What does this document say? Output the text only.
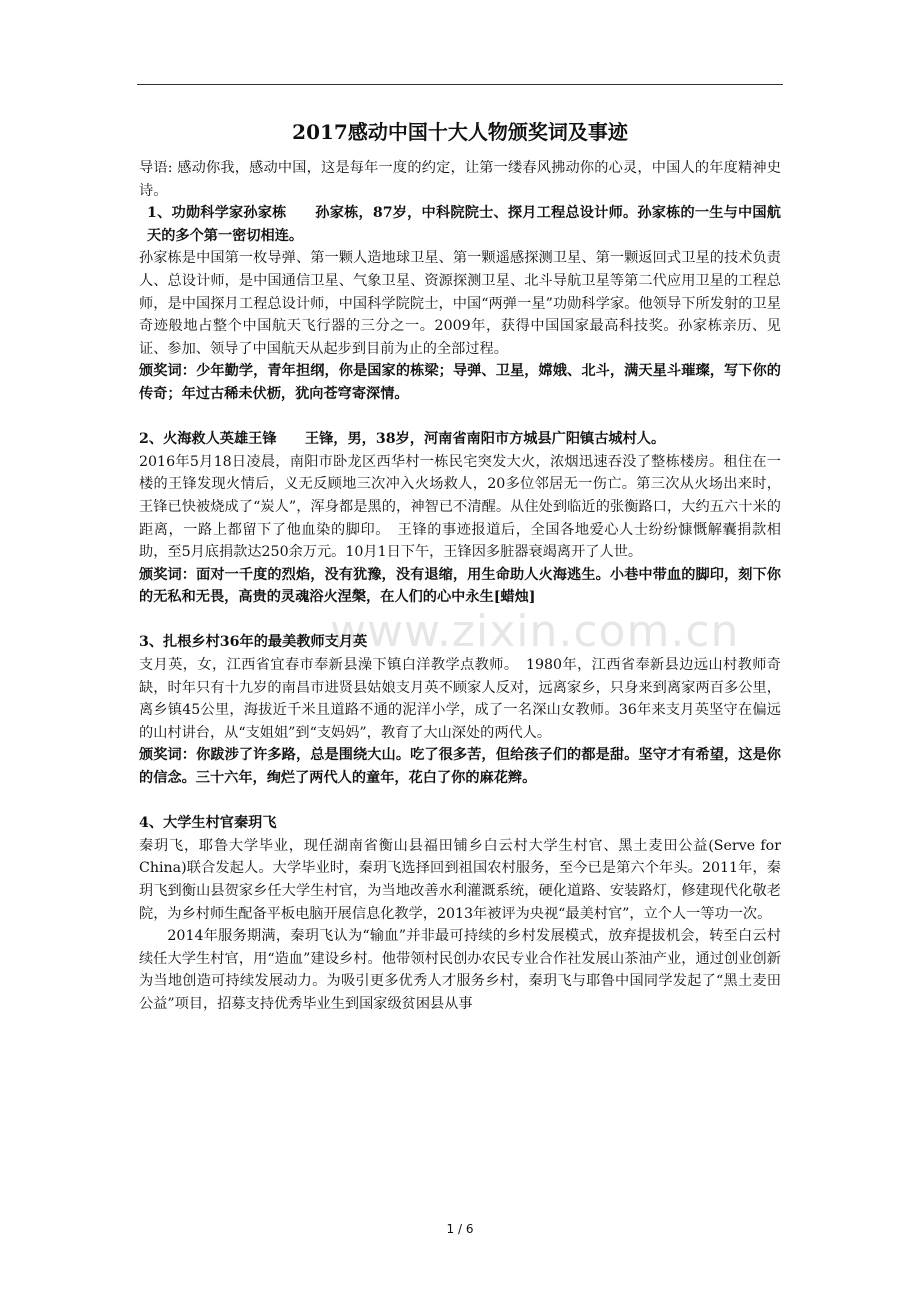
www.zixin.com.cn
2017感动中国十大人物颁奖词及事迹

导语: 感动你我，感动中国，这是每年一度的约定，让第一缕春风拂动你的心灵，中国人的年度精神史诗。

1、功勋科学家孙家栋　　孙家栋，87岁，中科院院士、探月工程总设计师。孙家栋的一生与中国航天的多个第一密切相连。

孙家栋是中国第一枚导弹、第一颗人造地球卫星、第一颗遥感探测卫星、第一颗返回式卫星的技术负责人、总设计师，是中国通信卫星、气象卫星、资源探测卫星、北斗导航卫星等第二代应用卫星的工程总师，是中国探月工程总设计师，中国科学院院士，中国“两弹一星”功勋科学家。他领导下所发射的卫星奇迹般地占整个中国航天飞行器的三分之一。2009年，获得中国国家最高科技奖。孙家栋亲历、见证、参加、领导了中国航天从起步到目前为止的全部过程。

颁奖词：少年勤学，青年担纲，你是国家的栋梁；导弹、卫星，嫦娥、北斗，满天星斗璀璨，写下你的传奇；年过古稀未伏枥，犹向苍穹寄深情。

2、火海救人英雄王锋　　王锋，男，38岁，河南省南阳市方城县广阳镇古城村人。

2016年5月18日凌晨，南阳市卧龙区西华村一栋民宅突发大火，浓烟迅速吞没了整栋楼房。租住在一楼的王锋发现火情后，义无反顾地三次冲入火场救人，20多位邻居无一伤亡。第三次从火场出来时，王锋已快被烧成了“炭人”，浑身都是黑的，神智已不清醒。从住处到临近的张衡路口，大约五六十米的距离，一路上都留下了他血染的脚印。　王锋的事迹报道后，全国各地爱心人士纷纷慷慨解囊捐款相助，至5月底捐款达250余万元。10月1日下午，王锋因多脏器衰竭离开了人世。

颁奖词：面对一千度的烈焰，没有犹豫，没有退缩，用生命助人火海逃生。小巷中带血的脚印，刻下你的无私和无畏，高贵的灵魂浴火涅槃，在人们的心中永生[蜡烛]

3、扎根乡村36年的最美教师支月英

支月英，女，江西省宜春市奉新县澡下镇白洋教学点教师。　1980年，江西省奉新县边远山村教师奇缺，时年只有十九岁的南昌市进贤县姑娘支月英不顾家人反对，远离家乡，只身来到离家两百多公里，离乡镇45公里，海拔近千米且道路不通的泥洋小学，成了一名深山女教师。36年来支月英坚守在偏远的山村讲台，从“支姐姐”到“支妈妈”，教育了大山深处的两代人。

颁奖词：你跋涉了许多路，总是围绕大山。吃了很多苦，但给孩子们的都是甜。坚守才有希望，这是你的信念。三十六年，绚烂了两代人的童年，花白了你的麻花辫。

4、大学生村官秦玥飞

秦玥飞，耶鲁大学毕业，现任湖南省衡山县福田铺乡白云村大学生村官、黑土麦田公益(Serve for China)联合发起人。大学毕业时，秦玥飞选择回到祖国农村服务，至今已是第六个年头。2011年，秦玥飞到衡山县贺家乡任大学生村官，为当地改善水利灌溉系统，硬化道路、安装路灯，修建现代化敬老院，为乡村师生配备平板电脑开展信息化教学，2013年被评为央视“最美村官”，立个人一等功一次。

2014年服务期满，秦玥飞认为“输血”并非最可持续的乡村发展模式，放弃提拔机会，转至白云村续任大学生村官，用“造血”建设乡村。他带领村民创办农民专业合作社发展山茶油产业，通过创业创新为当地创造可持续发展动力。为吸引更多优秀人才服务乡村，秦玥飞与耶鲁中国同学发起了“黑土麦田公益”项目，招募支持优秀毕业生到国家级贫困县从事

1 / 6
